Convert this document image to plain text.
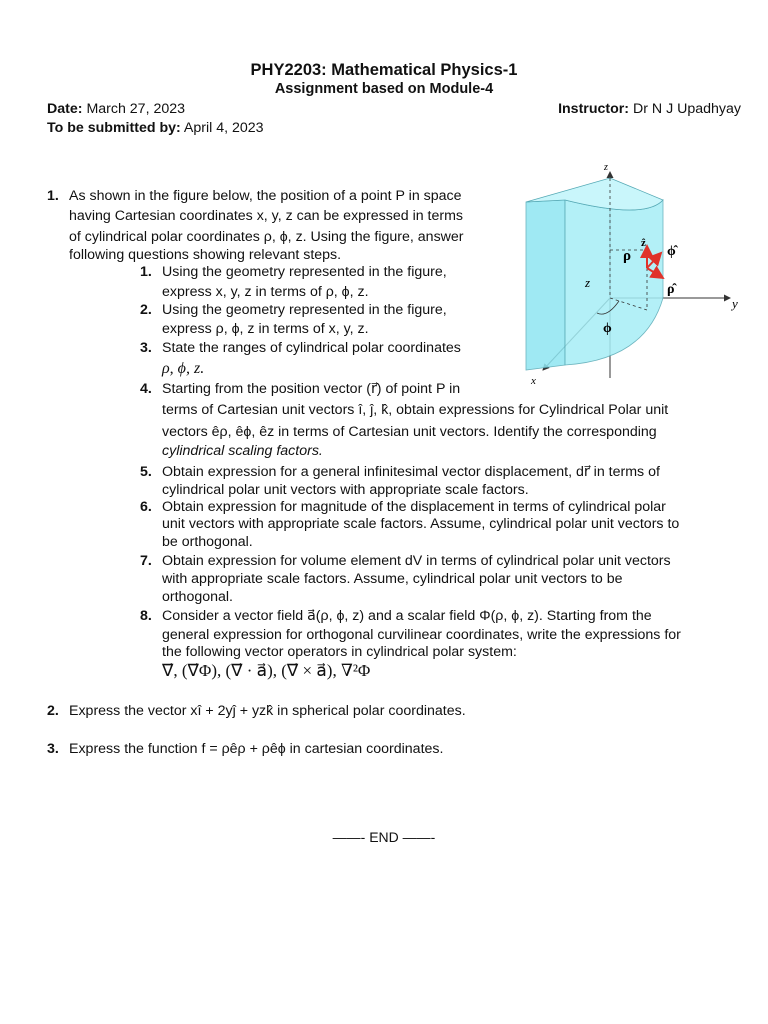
PHY2203: Mathematical Physics-1
Assignment based on Module-4
Date: March 27, 2023
To be submitted by: April 4, 2023
Instructor: Dr N J Upadhyay
1. As shown in the figure below, the position of a point P in space
having Cartesian coordinates x, y, z can be expressed in terms
of cylindrical polar coordinates ρ, ϕ, z. Using the figure, answer
following questions showing relevant steps.
1. Using the geometry represented in the figure,
express x, y, z in terms of ρ, ϕ, z.
2. Using the geometry represented in the figure,
express ρ, ϕ, z in terms of x, y, z.
3. State the ranges of cylindrical polar coordinates
ρ, ϕ, z.
4. Starting from the position vector (r⃗) of point P in
terms of Cartesian unit vectors î, ĵ, k̂, obtain expressions for Cylindrical Polar unit
vectors êρ, êϕ, êz in terms of Cartesian unit vectors. Identify the corresponding
cylindrical scaling factors.
5. Obtain expression for a general infinitesimal vector displacement, dr⃗ in terms of
cylindrical polar unit vectors with appropriate scale factors.
6. Obtain expression for magnitude of the displacement in terms of cylindrical polar
unit vectors with appropriate scale factors. Assume, cylindrical polar unit vectors to
be orthogonal.
7. Obtain expression for volume element dV in terms of cylindrical polar unit vectors
with appropriate scale factors. Assume, cylindrical polar unit vectors to be
orthogonal.
8. Consider a vector field a⃗(ρ, ϕ, z) and a scalar field Φ(ρ, ϕ, z). Starting from the
general expression for orthogonal curvilinear coordinates, write the expressions for
the following vector operators in cylindrical polar system:
∇⃗, (∇⃗Φ), (∇⃗ · a⃗), (∇⃗ × a⃗), ∇²Φ
2. Express the vector xî + 2yĵ + yzk̂ in spherical polar coordinates.
3. Express the function f = ρêρ + ρêϕ in cartesian coordinates.
——- END ——-
z
y
x
ρ
z
ϕ
ẑ
ϕ̂
ρ̂
